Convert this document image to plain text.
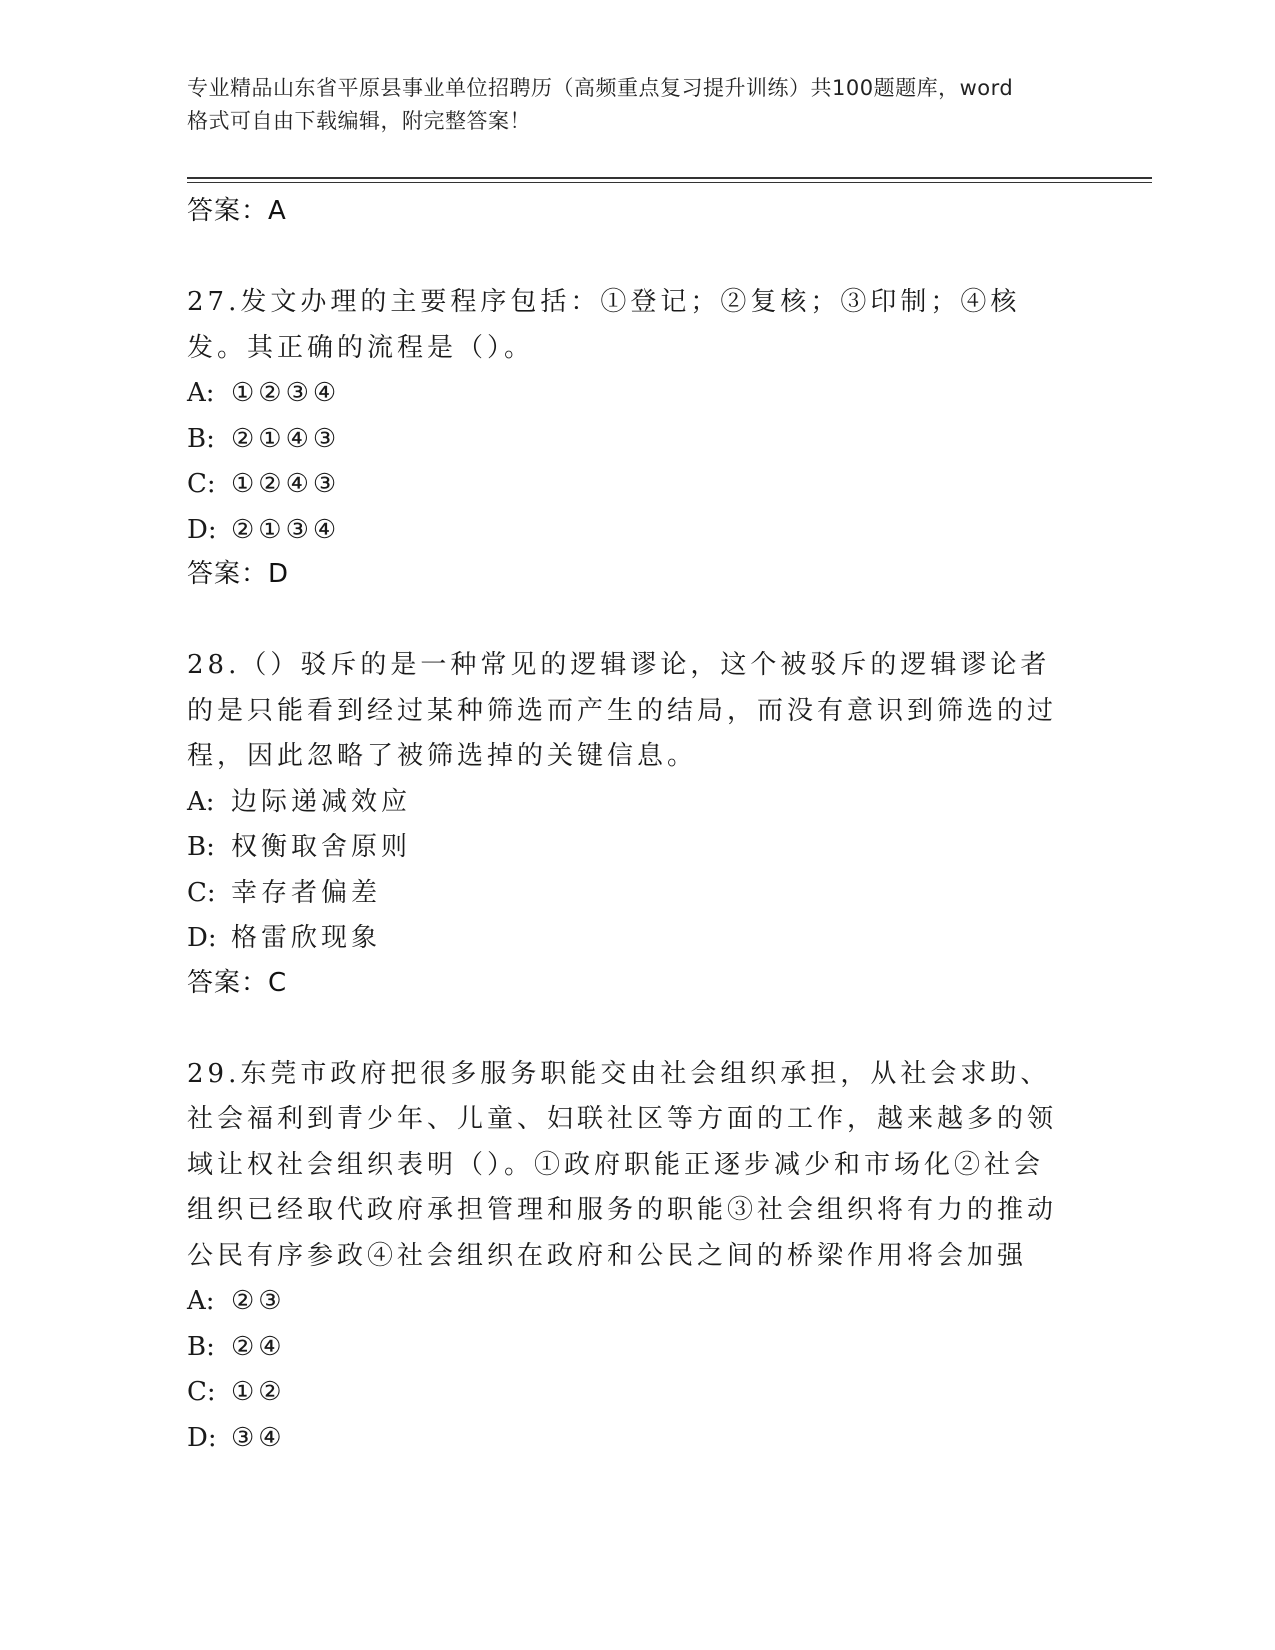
专业精品山东省平原县事业单位招聘历（高频重点复习提升训练）共100题题库，word格式可自由下载编辑，附完整答案！

答案：A

27.发文办理的主要程序包括：①登记；②复核；③印制；④核发。其正确的流程是（）。

A: ①②③④
B: ②①④③
C: ①②④③
D: ②①③④

答案：D

28.（）驳斥的是一种常见的逻辑谬论，这个被驳斥的逻辑谬论者的是只能看到经过某种筛选而产生的结局，而没有意识到筛选的过程，因此忽略了被筛选掉的关键信息。

A: 边际递减效应
B: 权衡取舍原则
C: 幸存者偏差
D: 格雷欣现象

答案：C

29.东莞市政府把很多服务职能交由社会组织承担，从社会求助、社会福利到青少年、儿童、妇联社区等方面的工作，越来越多的领域让权社会组织表明（）。①政府职能正逐步减少和市场化②社会组织已经取代政府承担管理和服务的职能③社会组织将有力的推动公民有序参政④社会组织在政府和公民之间的桥梁作用将会加强

A: ②③
B: ②④
C: ①②
D: ③④
